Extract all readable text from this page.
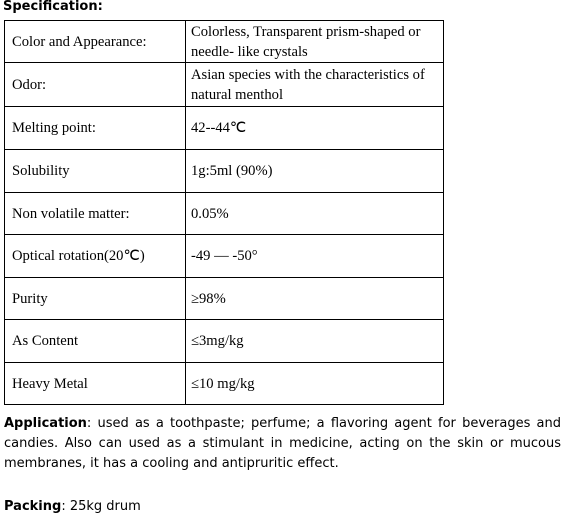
Specification:
Color and Appearance:	Colorless, Transparent prism-shaped or needle- like crystals
Odor:	Asian species with the characteristics of natural menthol
Melting point:	42--44℃
Solubility	1g:5ml (90%)
Non volatile matter:	0.05%
Optical rotation(20℃)	-49 — -50°
Purity	≥98%
As Content	≤3mg/kg
Heavy Metal	≤10 mg/kg
Application: used as a toothpaste; perfume; a flavoring agent for beverages and candies. Also can used as a stimulant in medicine, acting on the skin or mucous membranes, it has a cooling and antipruritic effect.
Packing: 25kg drum
